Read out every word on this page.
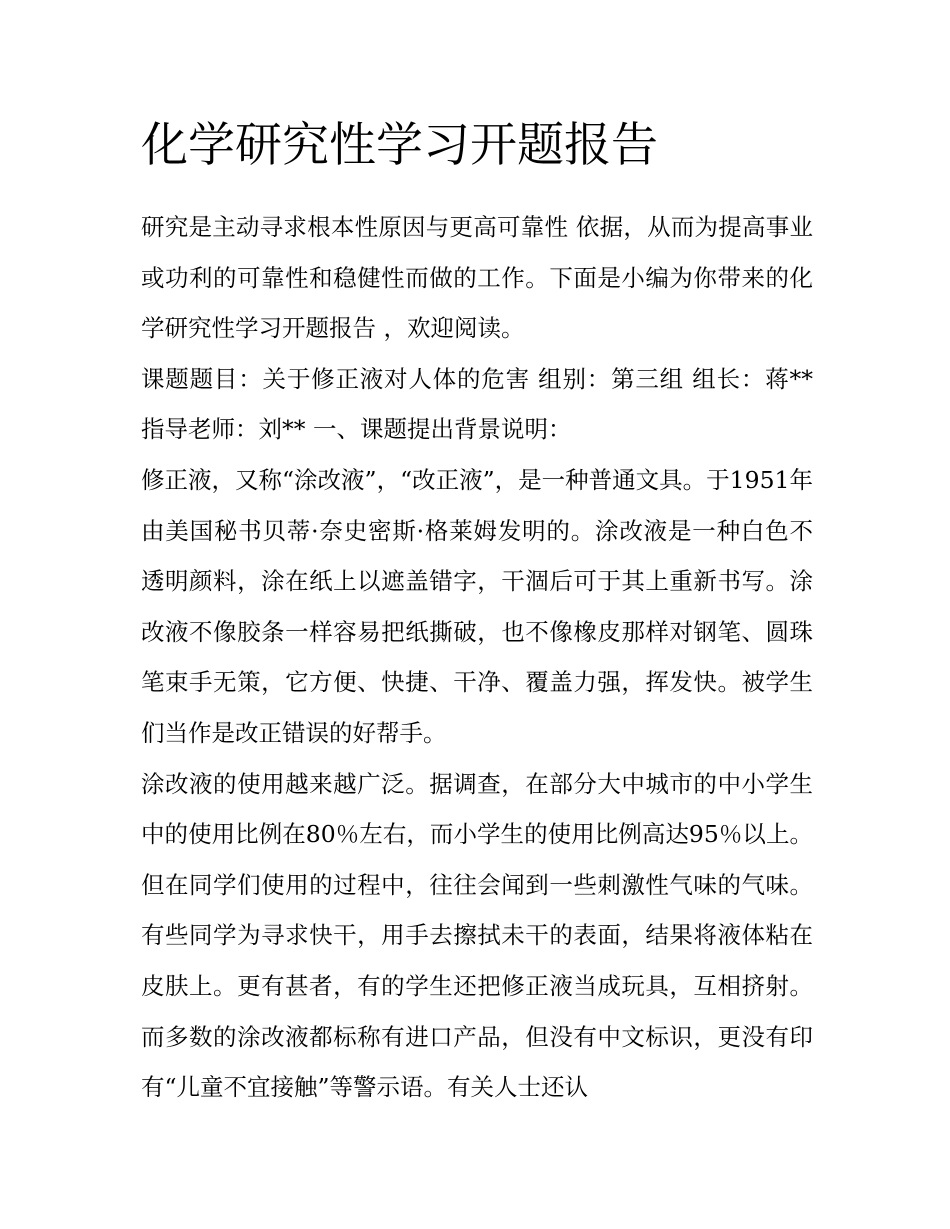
化学研究性学习开题报告

研究是主动寻求根本性原因与更高可靠性 依据，从而为提高事业或功利的可靠性和稳健性而做的工作。下面是小编为你带来的化学研究性学习开题报告 ，欢迎阅读。

课题题目：关于修正液对人体的危害 组别：第三组 组长：蒋** 指导老师：刘** 一、课题提出背景说明：

修正液，又称“涂改液”，“改正液”，是一种普通文具。于1951年由美国秘书贝蒂·奈史密斯·格莱姆发明的。涂改液是一种白色不透明颜料，涂在纸上以遮盖错字，干涸后可于其上重新书写。涂改液不像胶条一样容易把纸撕破，也不像橡皮那样对钢笔、圆珠笔束手无策，它方便、快捷、干净、覆盖力强，挥发快。被学生们当作是改正错误的好帮手。

涂改液的使用越来越广泛。据调查，在部分大中城市的中小学生中的使用比例在80％左右，而小学生的使用比例高达95％以上。但在同学们使用的过程中，往往会闻到一些刺激性气味的气味。有些同学为寻求快干，用手去擦拭未干的表面，结果将液体粘在皮肤上。更有甚者，有的学生还把修正液当成玩具，互相挤射。而多数的涂改液都标称有进口产品，但没有中文标识，更没有印有“儿童不宜接触”等警示语。有关人士还认
